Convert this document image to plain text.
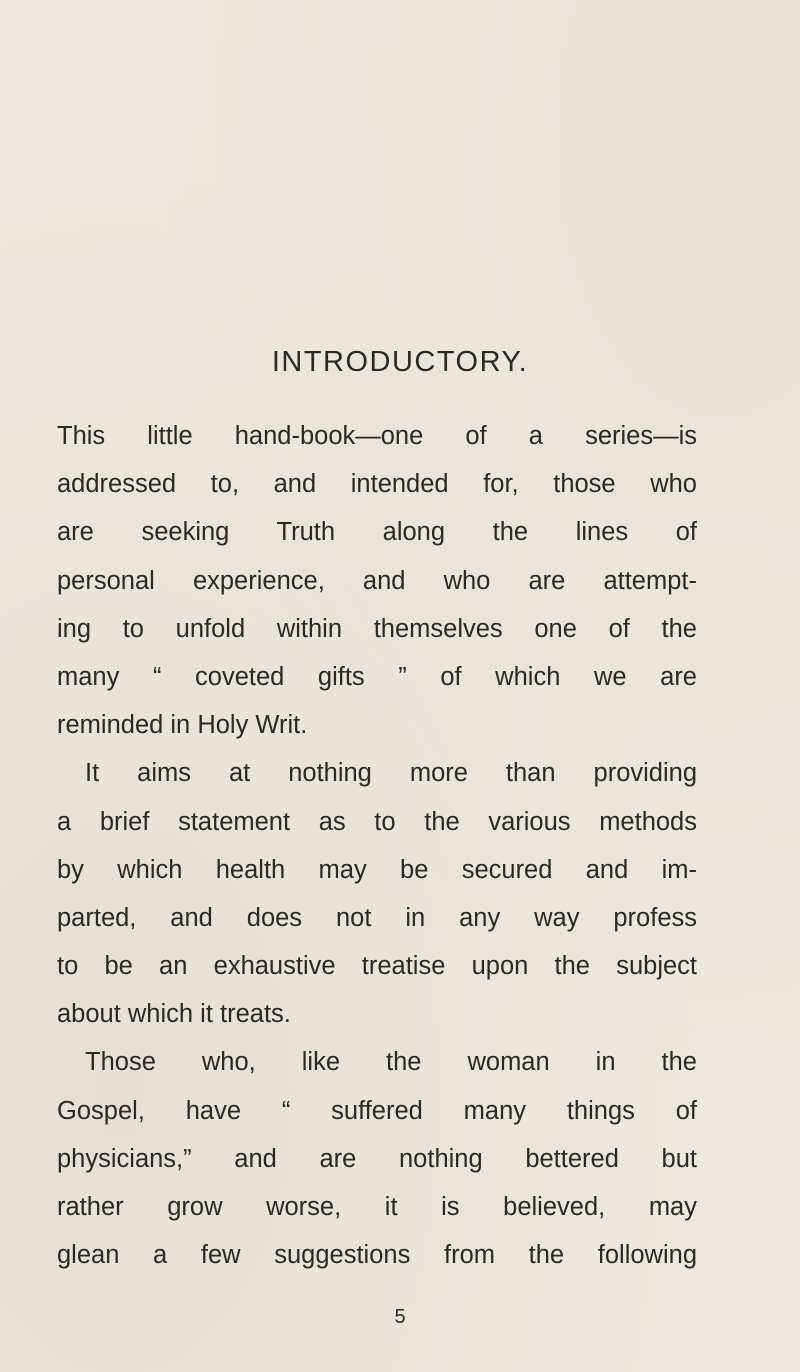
INTRODUCTORY.
This little hand-book—one of a series—is
addressed to, and intended for, those who
are seeking Truth along the lines of
personal experience, and who are attempt-
ing to unfold within themselves one of the
many “ coveted gifts ” of which we are
reminded in Holy Writ.
It aims at nothing more than providing
a brief statement as to the various methods
by which health may be secured and im-
parted, and does not in any way profess
to be an exhaustive treatise upon the subject
about which it treats.
Those who, like the woman in the
Gospel, have “ suffered many things of
physicians,” and are nothing bettered but
rather grow worse, it is believed, may
glean a few suggestions from the following
5
